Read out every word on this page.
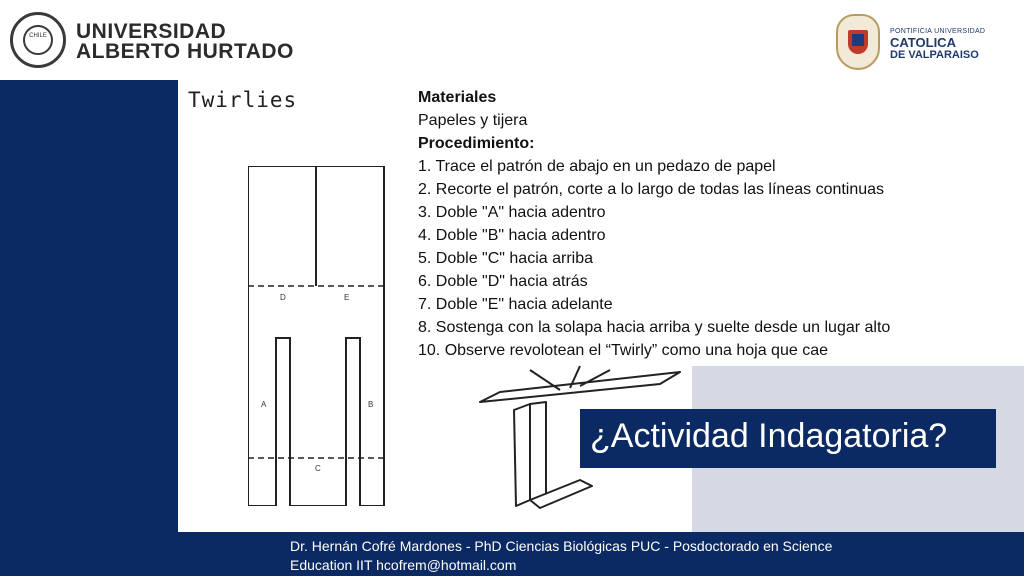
CHILE	UNIVERSIDAD
ALBERTO HURTADO
PONTIFICIA UNIVERSIDAD
CATOLICA
DE VALPARAISO
Twirlies
D	E
A	B
C
Materiales
Papeles y tijera
Procedimiento:
1. Trace el patrón de abajo en un pedazo de papel
2. Recorte el patrón, corte a lo largo de todas las líneas continuas
3. Doble "A" hacia adentro
4. Doble "B" hacia adentro
5. Doble "C" hacia arriba
6. Doble "D" hacia atrás
7. Doble "E" hacia adelante
8. Sostenga con la solapa hacia arriba y suelte desde un lugar alto
10. Observe revolotean el “Twirly” como una hoja que cae
¿Actividad Indagatoria?
Dr. Hernán Cofré Mardones - PhD Ciencias Biológicas PUC - Posdoctorado en Science
Education IIT hcofrem@hotmail.com
